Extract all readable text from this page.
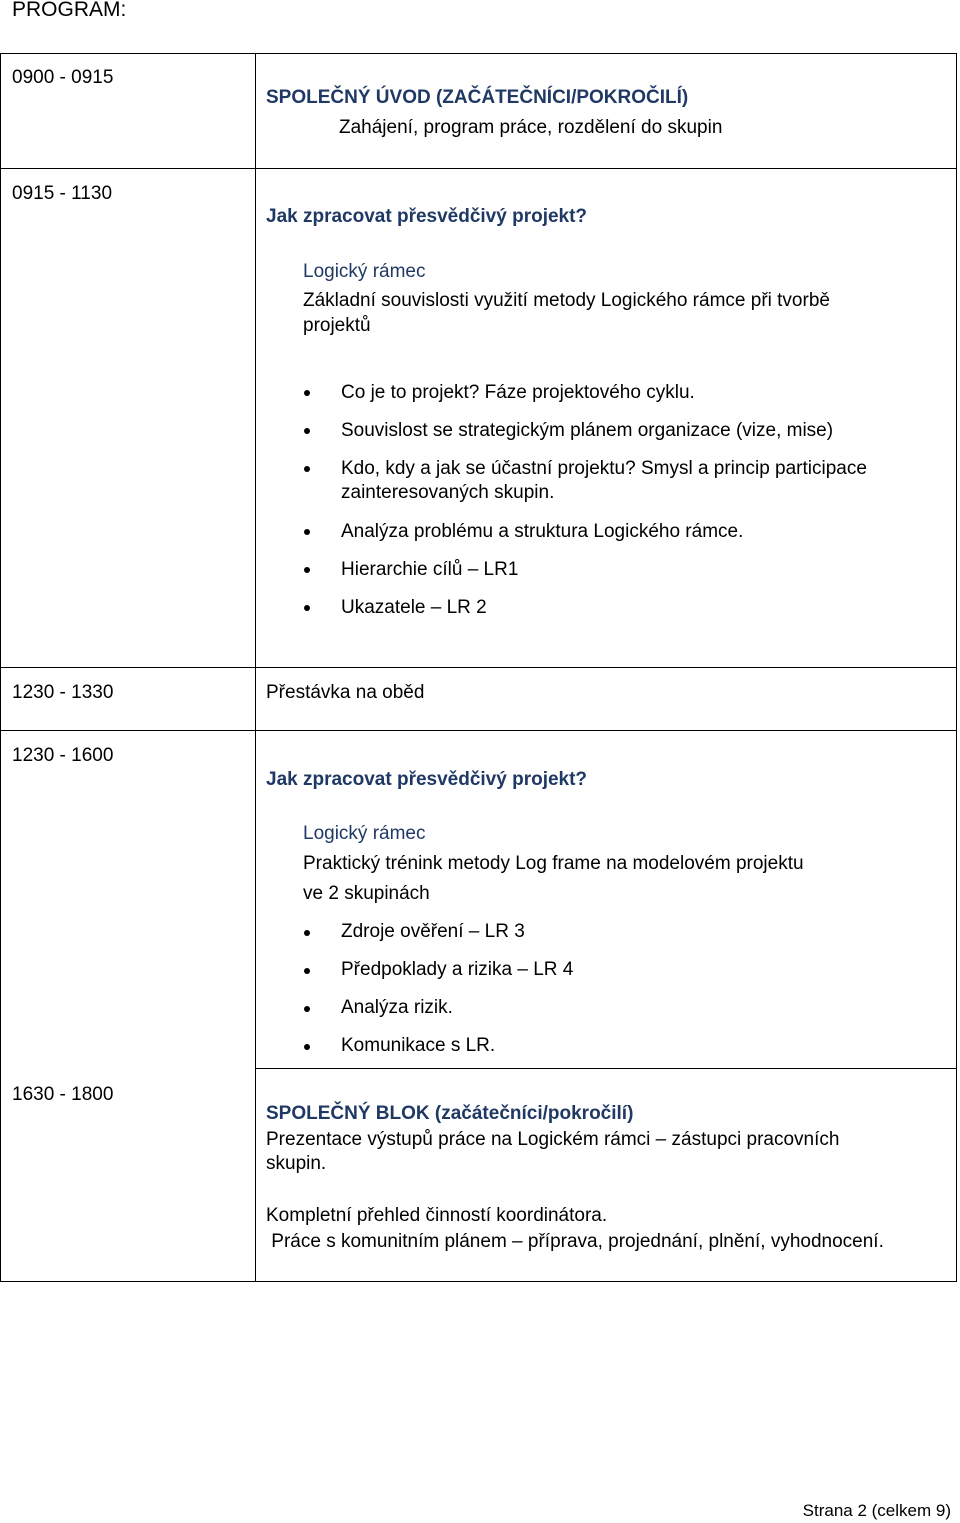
PROGRAM:
0900 - 0915
SPOLEČNÝ ÚVOD (ZAČÁTEČNÍCI/POKROČILÍ)
Zahájení, program práce, rozdělení do skupin
0915 - 1130
Jak zpracovat přesvědčivý projekt?
Logický rámec
Základní souvislosti využití metody Logického rámce při tvorbě
projektů
Co je to projekt? Fáze projektového cyklu.
Souvislost se strategickým plánem organizace (vize, mise)
Kdo, kdy a jak se účastní projektu? Smysl a princip participace
zainteresovaných skupin.
Analýza problému a struktura Logického rámce.
Hierarchie cílů – LR1
Ukazatele – LR 2
1230 - 1330	Přestávka na oběd
1230 - 1600
Jak zpracovat přesvědčivý projekt?
Logický rámec
Praktický trénink metody Log frame na modelovém projektu
ve 2 skupinách
Zdroje ověření – LR 3
Předpoklady a rizika – LR 4
Analýza rizik.
Komunikace s LR.
1630 - 1800
SPOLEČNÝ BLOK (začátečníci/pokročilí)
Prezentace výstupů práce na Logickém rámci – zástupci pracovních
skupin.
Kompletní přehled činností koordinátora.
Práce s komunitním plánem – příprava, projednání, plnění, vyhodnocení.
Strana 2 (celkem 9)
